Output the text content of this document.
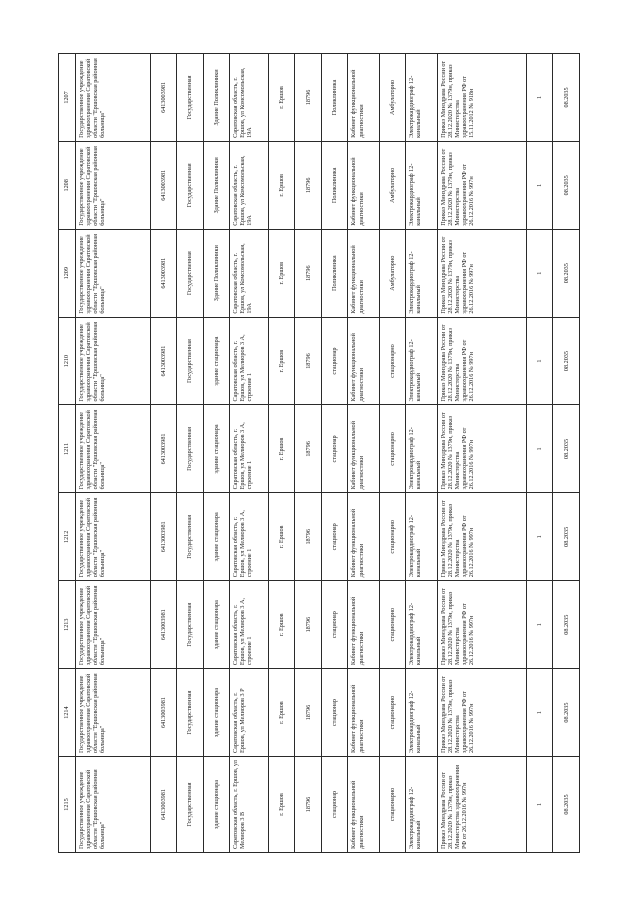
1215	1214	1213	1212	1211	1210	1209	1208	1207
Государственное учреждение здравоохранения Саратовской области "Ершовская районная больница"	Государственное учреждение здравоохранения Саратовской области "Ершовская районная больница"	Государственное учреждение здравоохранения Саратовской области "Ершовская районная больница"	Государственное учреждение здравоохранения Саратовской области "Ершовская районная больница"	Государственное учреждение здравоохранения Саратовской области "Ершовская районная больница"	Государственное учреждение здравоохранения Саратовской области "Ершовская районная больница"	Государственное учреждение здравоохранения Саратовской области "Ершовская районная больница"	Государственное учреждение здравоохранения Саратовской области "Ершовская районная больница"	Государственное учреждение здравоохранения Саратовской области "Ершовская районная больница"
6413003981	6413003981	6413003981	6413003981	6413003981	6413003981	6413003981	6413003981	6413003981
Государственная	Государственная	Государственная	Государственная	Государственная	Государственная	Государственная	Государственная	Государственная
здание стационара	здание стационара	здание стационара	здание стационара	здание стационара	здание стационара	Здание Поликлиники	Здание Поликлиники	Здание Поликлиники
Саратовская область, г. Ершов, ул Мелиоров 3 В	Саратовская область, г. Ершов, ул Мелиоров 3 Р	Саратовская область, г. Ершов, ул Мелиоров 3 А, строение 1	Саратовская область, г. Ершов, ул Мелиоров 3 А, строение 1	Саратовская область, г. Ершов, ул Мелиоров 3 А, строение 1	Саратовская область, г. Ершов, ул Мелиоров 3 А, строение 1	Саратовская область, г. Ершов, ул Комсомольская, 19А	Саратовская область, г. Ершов, ул Комсомольская, 19А	Саратовская область, г. Ершов, ул Комсомольская, 19А
г. Ершов	г. Ершов	г. Ершов	г. Ершов	г. Ершов	г. Ершов	г. Ершов	г. Ершов	г. Ершов
18796	18796	18796	18796	18796	18796	18796	18796	18796
стационар	стационар	стационар	стационар	стационар	стационар	Поликлиника	Поликлиника	Поликлиника
Кабинет функциональной диагностики	Кабинет функциональной диагностики	Кабинет функциональной диагностики	Кабинет функциональной диагностики	Кабинет функциональной диагностики	Кабинет функциональной диагностики	Кабинет функциональной диагностики	Кабинет функциональной диагностики	Кабинет функциональной диагностики
стационарно	стационарно	стационарно	стационарно	стационарно	стационарно	Амбулаторно	Амбулаторно	Амбулаторно
Электрокардиограф 12-канальный	Электрокардиограф 12-канальный	Электрокардиограф 12-канальный	Электрокардиограф 12-канальный	Электрокардиограф 12-канальный	Электрокардиограф 12-канальный	Электрокардиограф 12-канальный	Электрокардиограф 12-канальный	Электрокардиограф 12-канальный
Приказ Минздрава России от 28.12.2020 № 1379н, приказ Министерства здравоохранения РФ от 26.12.2016 № 997н	Приказ Минздрава России от 28.12.2020 № 1379н, приказ Министерства здравоохранения РФ от 26.12.2016 № 997н	Приказ Минздрава России от 28.12.2020 № 1379н, приказ Министерства здравоохранения РФ от 26.12.2016 № 997н	Приказ Минздрава России от 28.12.2020 № 1379н, приказ Министерства здравоохранения РФ от 26.12.2016 № 997н	Приказ Минздрава России от 28.12.2020 № 1379н, приказ Министерства здравоохранения РФ от 26.12.2016 № 997н	Приказ Минздрава России от 28.12.2020 № 1379н, приказ Министерства здравоохранения РФ от 26.12.2016 № 997н	Приказ Минздрава России от 28.12.2020 № 1379н, приказ Министерства здравоохранения РФ от 26.12.2016 № 997н	Приказ Минздрава России от 28.12.2020 № 1379н, приказ Министерства здравоохранения РФ от 26.12.2016 № 997н	Приказ Минздрава России от 28.12.2020 № 1379н, приказ Министерства здравоохранения РФ от 15.11.2012 № 918н
1	1	1	1	1	1	1	1	1
08.2035	08.2035	08.2035	08.2035	08.2035	08.2035	08.2035	08.2035	08.2035
